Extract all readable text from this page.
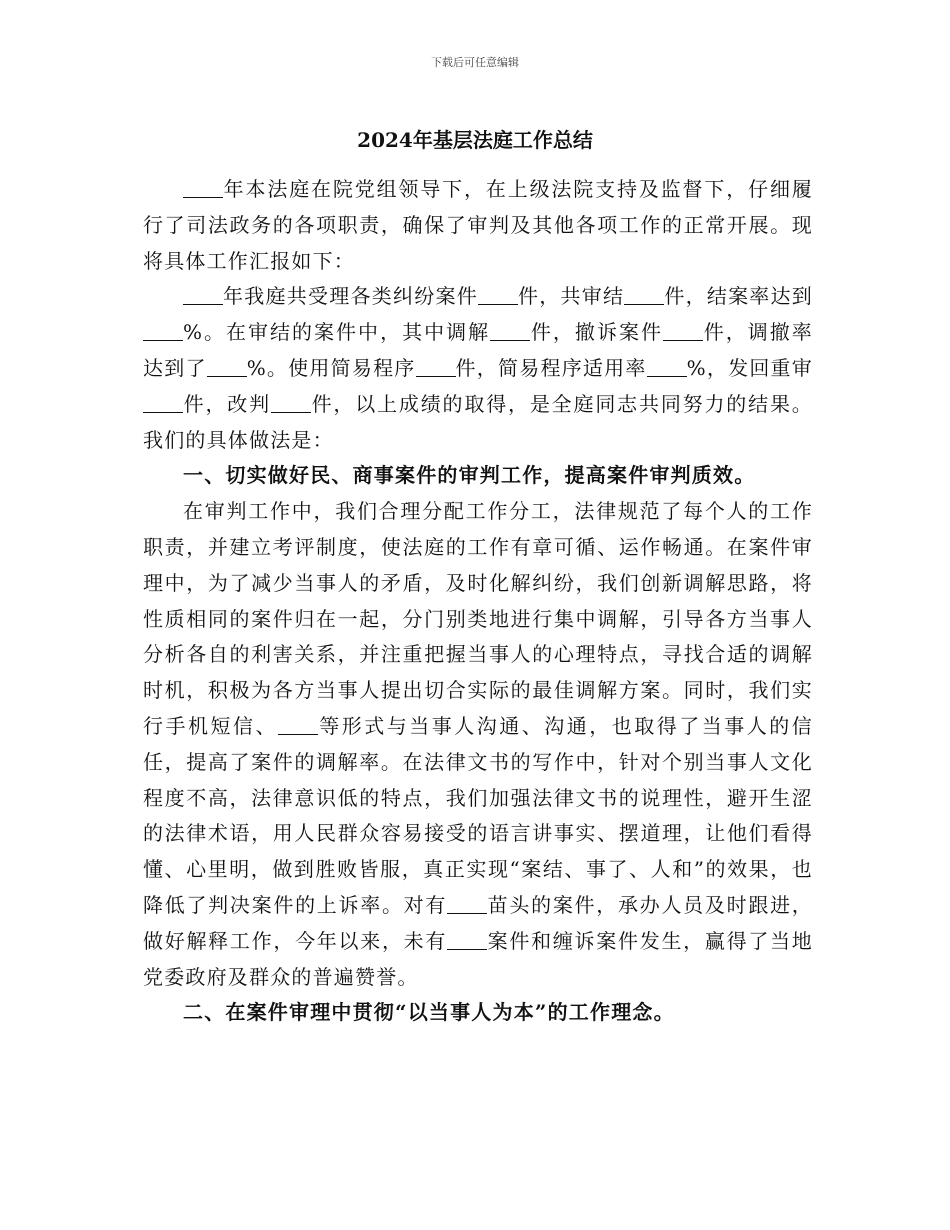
下载后可任意编辑
2024年基层法庭工作总结

年本法庭在院党组领导下，在上级法院支持及监督下，仔细履行了司法政务的各项职责，确保了审判及其他各项工作的正常开展。现将具体工作汇报如下：

年我庭共受理各类纠纷案件 件，共审结 件，结案率达到%。在审结的案件中，其中调解 件，撤诉案件 件，调撤率达到了 %。使用简易程序 件，简易程序适用率 %，发回重审件，改判 件，以上成绩的取得，是全庭同志共同努力的结果。我们的具体做法是：

一、切实做好民、商事案件的审判工作，提高案件审判质效。

在审判工作中，我们合理分配工作分工，法律规范了每个人的工作职责，并建立考评制度，使法庭的工作有章可循、运作畅通。在案件审理中，为了减少当事人的矛盾，及时化解纠纷，我们创新调解思路，将性质相同的案件归在一起，分门别类地进行集中调解，引导各方当事人分析各自的利害关系，并注重把握当事人的心理特点，寻找合适的调解时机，积极为各方当事人提出切合实际的最佳调解方案。同时，我们实行手机短信、 等形式与当事人沟通、沟通，也取得了当事人的信任，提高了案件的调解率。在法律文书的写作中，针对个别当事人文化程度不高，法律意识低的特点，我们加强法律文书的说理性，避开生涩的法律术语，用人民群众容易接受的语言讲事实、摆道理，让他们看得懂、心里明，做到胜败皆服，真正实现“案结、事了、人和”的效果，也降低了判决案件的上诉率。对有 苗头的案件，承办人员及时跟进，做好解释工作，今年以来，未有 案件和缠诉案件发生，赢得了当地党委政府及群众的普遍赞誉。

二、在案件审理中贯彻“以当事人为本”的工作理念。
